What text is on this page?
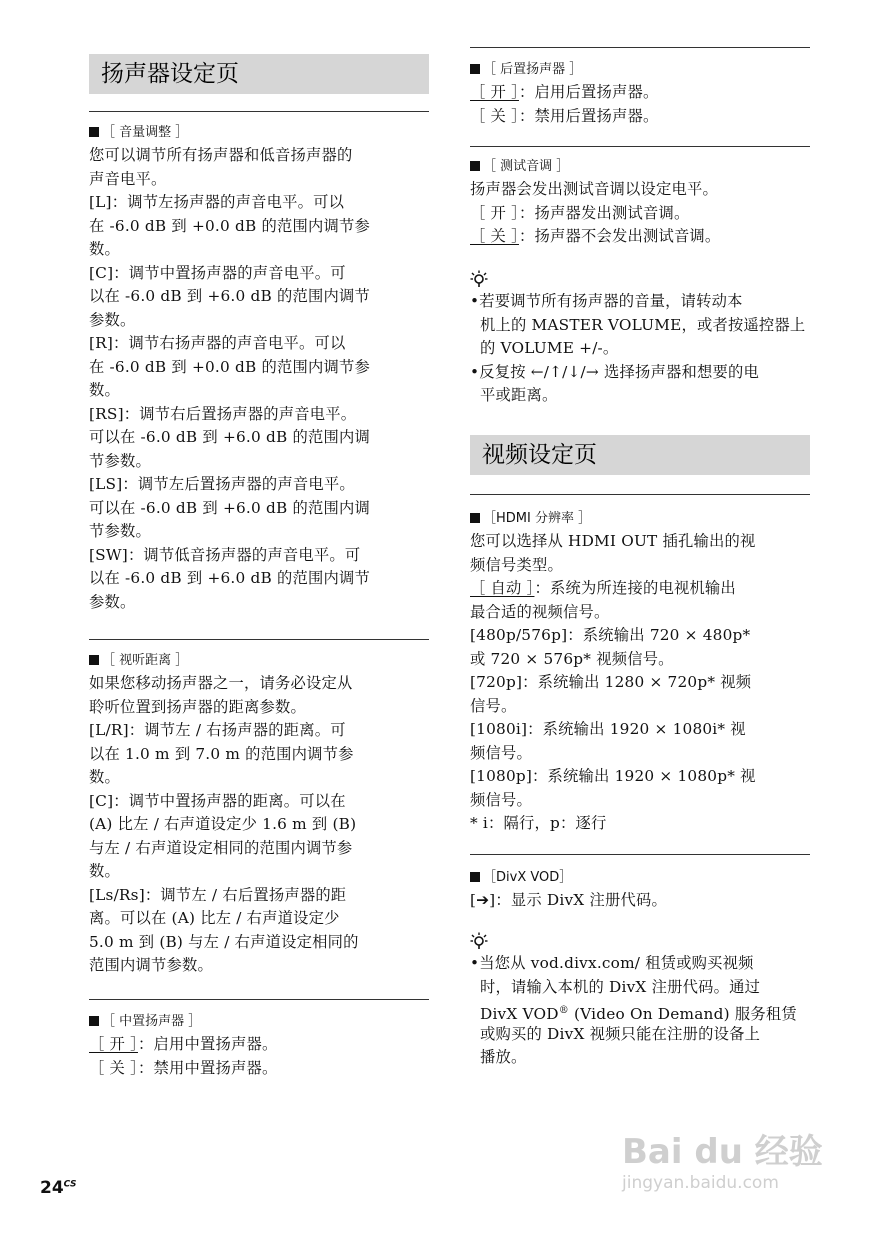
扬声器设定页
［ 音量调整 ］
您可以调节所有扬声器和低音扬声器的
声音电平。
[L]：调节左扬声器的声音电平。可以
在 -6.0 dB 到 +0.0 dB 的范围内调节参
数。
[C]：调节中置扬声器的声音电平。可
以在 -6.0 dB 到 +6.0 dB 的范围内调节
参数。
[R]：调节右扬声器的声音电平。可以
在 -6.0 dB 到 +0.0 dB 的范围内调节参
数。
[RS]：调节右后置扬声器的声音电平。
可以在 -6.0 dB 到 +6.0 dB 的范围内调
节参数。
[LS]：调节左后置扬声器的声音电平。
可以在 -6.0 dB 到 +6.0 dB 的范围内调
节参数。
[SW]：调节低音扬声器的声音电平。可
以在 -6.0 dB 到 +6.0 dB 的范围内调节
参数。
［ 视听距离 ］
如果您移动扬声器之一，请务必设定从
聆听位置到扬声器的距离参数。
[L/R]：调节左 / 右扬声器的距离。可
以在 1.0 m 到 7.0 m 的范围内调节参
数。
[C]：调节中置扬声器的距离。可以在
(A) 比左 / 右声道设定少 1.6 m 到 (B)
与左 / 右声道设定相同的范围内调节参
数。
[Ls/Rs]：调节左 / 右后置扬声器的距
离。可以在 (A) 比左 / 右声道设定少
5.0 m 到 (B) 与左 / 右声道设定相同的
范围内调节参数。
［ 中置扬声器 ］
［ 开 ］：启用中置扬声器。
［ 关 ］：禁用中置扬声器。
［ 后置扬声器 ］
［ 开 ］：启用后置扬声器。
［ 关 ］：禁用后置扬声器。
［ 测试音调 ］
扬声器会发出测试音调以设定电平。
［ 开 ］：扬声器发出测试音调。
［ 关 ］：扬声器不会发出测试音调。
•若要调节所有扬声器的音量，请转动本
机上的 MASTER VOLUME，或者按遥控器上
的 VOLUME +/-。
•反复按 ←/↑/↓/→ 选择扬声器和想要的电
平或距离。
视频设定页
［HDMI 分辨率 ］
您可以选择从 HDMI OUT 插孔输出的视
频信号类型。
［ 自动 ］：系统为所连接的电视机输出
最合适的视频信号。
[480p/576p]：系统输出 720 × 480p*
或 720 × 576p* 视频信号。
[720p]：系统输出 1280 × 720p* 视频
信号。
[1080i]：系统输出 1920 × 1080i* 视
频信号。
[1080p]：系统输出 1920 × 1080p* 视
频信号。
* i：隔行，p：逐行
［DivX VOD］
[➔]：显示 DivX 注册代码。
•当您从 vod.divx.com/ 租赁或购买视频
时，请输入本机的 DivX 注册代码。通过
DivX VOD® (Video On Demand) 服务租赁
或购买的 DivX 视频只能在注册的设备上
播放。
$24^{CS}$
Bai du 经验
jingyan.baidu.com
